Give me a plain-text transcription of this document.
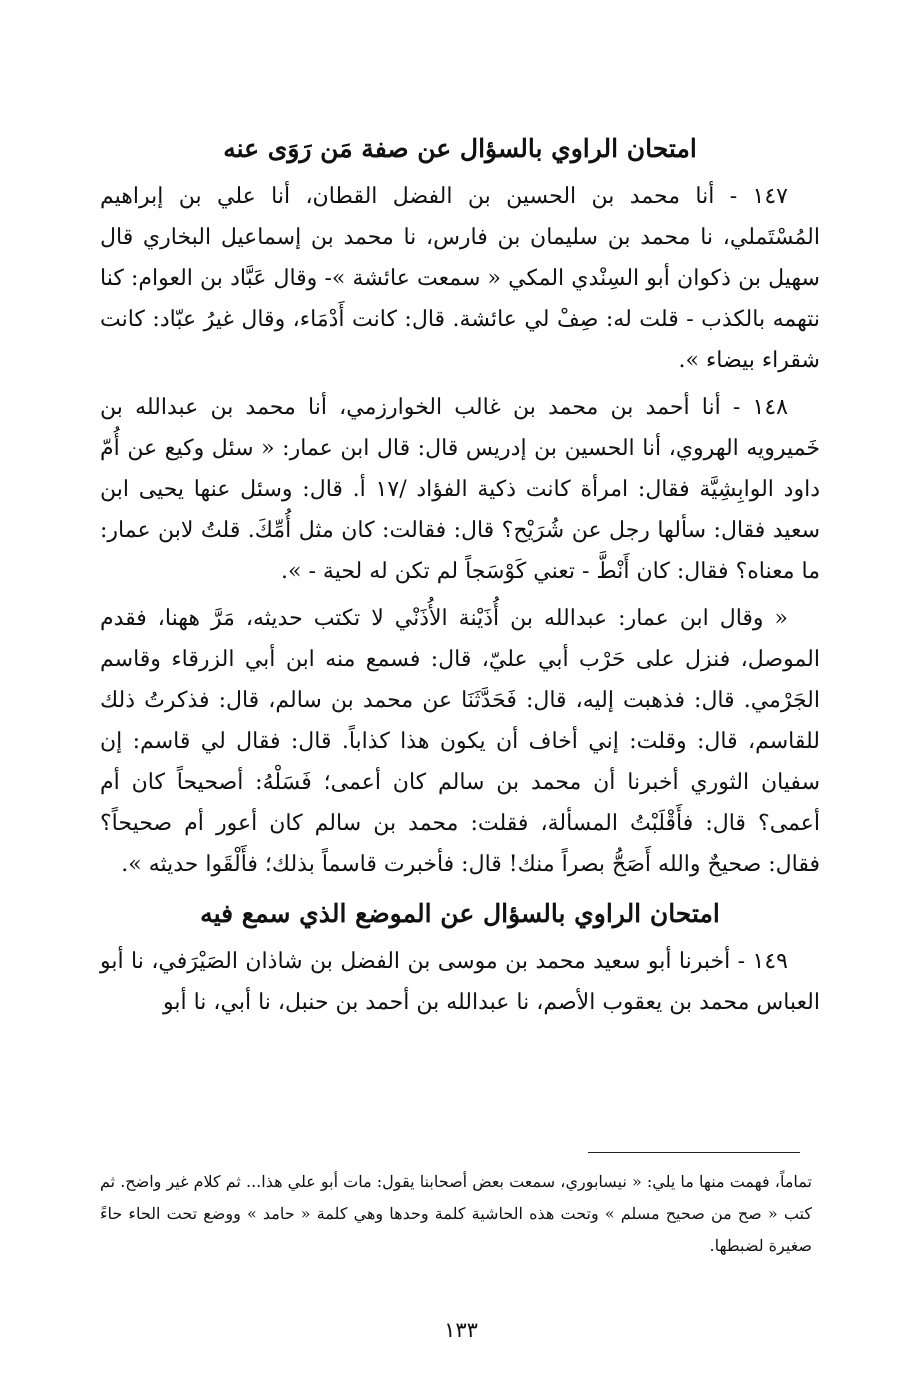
امتحان الراوي بالسؤال عن صفة مَن رَوَى عنه

١٤٧ - أنا محمد بن الحسين بن الفضل القطان، أنا علي بن إبراهيم المُسْتَملي، نا محمد بن سليمان بن فارس، نا محمد بن إسماعيل البخاري قال سهيل بن ذكوان أبو السِنْدي المكي « سمعت عائشة »- وقال عَبَّاد بن العوام: كنا نتهمه بالكذب - قلت له: صِفْ لي عائشة. قال: كانت أَدْمَاء، وقال غيرُ عبّاد: كانت شقراء بيضاء ».

١٤٨ - أنا أحمد بن محمد بن غالب الخوارزمي، أنا محمد بن عبدالله بن خَميرويه الهروي، أنا الحسين بن إدريس قال: قال ابن عمار: « سئل وكيع عن أُمّ داود الوابِشِيَّة فقال: امرأة كانت ذكية الفؤاد /١٧ أ. قال: وسئل عنها يحيى ابن سعيد فقال: سألها رجل عن شُرَيْح؟ قال: فقالت: كان مثل أُمِّكَ. قلتُ لابن عمار: ما معناه؟ فقال: كان أَنْطَّ - تعني كَوْسَجاً لم تكن له لحية - ».

« وقال ابن عمار: عبدالله بن أُذَيْنة الأُذَنْي لا تكتب حديثه، مَرَّ ههنا، فقدم الموصل، فنزل على حَرْب أبي عليّ، قال: فسمع منه ابن أبي الزرقاء وقاسم الجَرْمي. قال: فذهبت إليه، قال: فَحَدَّثَنَا عن محمد بن سالم، قال: فذكرتُ ذلك للقاسم، قال: وقلت: إني أخاف أن يكون هذا كذاباً. قال: فقال لي قاسم: إن سفيان الثوري أخبرنا أن محمد بن سالم كان أعمى؛ فَسَلْهُ: أصحيحاً كان أم أعمى؟ قال: فأَقْلَبْتُ المسألة، فقلت: محمد بن سالم كان أعور أم صحيحاً؟ فقال: صحيحٌ والله أَصَحُّ بصراً منك! قال: فأخبرت قاسماً بذلك؛ فأَلْقَوا حديثه ».

امتحان الراوي بالسؤال عن الموضع الذي سمع فيه

١٤٩ - أخبرنا أبو سعيد محمد بن موسى بن الفضل بن شاذان الصَيْرَفي، نا أبو العباس محمد بن يعقوب الأصم، نا عبدالله بن أحمد بن حنبل، نا أبي، نا أبو

تماماً، فهمت منها ما يلي: « نيسابوري، سمعت بعض أصحابنا يقول: مات أبو علي هذا... ثم كلام غير واضح. ثم كتب « صح من صحيح مسلم » وتحت هذه الحاشية كلمة وحدها وهي كلمة « حامد » ووضع تحت الحاء حاءً صغيرة لضبطها.
١٣٣
